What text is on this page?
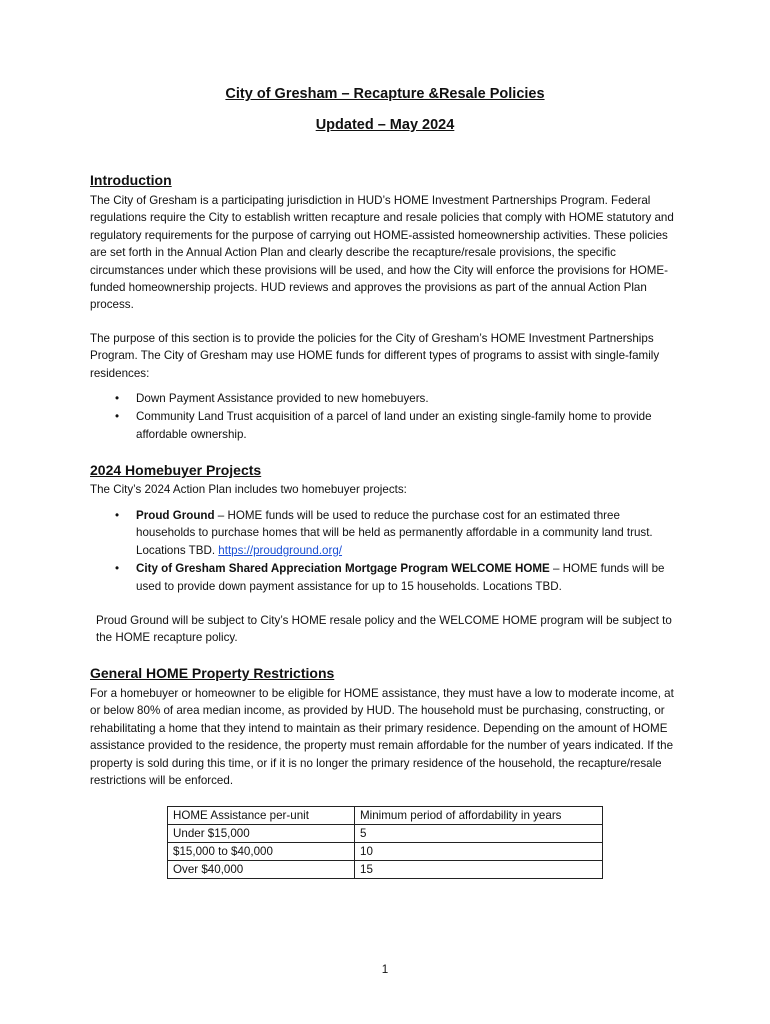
City of Gresham – Recapture &Resale Policies
Updated – May 2024
Introduction

The City of Gresham is a participating jurisdiction in HUD’s HOME Investment Partnerships Program. Federal regulations require the City to establish written recapture and resale policies that comply with HOME statutory and regulatory requirements for the purpose of carrying out HOME-assisted homeownership activities. These policies are set forth in the Annual Action Plan and clearly describe the recapture/resale provisions, the specific circumstances under which these provisions will be used, and how the City will enforce the provisions for HOME-funded homeownership projects. HUD reviews and approves the provisions as part of the annual Action Plan process.

The purpose of this section is to provide the policies for the City of Gresham’s HOME Investment Partnerships Program. The City of Gresham may use HOME funds for different types of programs to assist with single-family residences:

• Down Payment Assistance provided to new homebuyers.
• Community Land Trust acquisition of a parcel of land under an existing single-family home to provide affordable ownership.
2024 Homebuyer Projects

The City’s 2024 Action Plan includes two homebuyer projects:

• Proud Ground – HOME funds will be used to reduce the purchase cost for an estimated three households to purchase homes that will be held as permanently affordable in a community land trust. Locations TBD. https://proudground.org/
• City of Gresham Shared Appreciation Mortgage Program WELCOME HOME – HOME funds will be used to provide down payment assistance for up to 15 households. Locations TBD.

Proud Ground will be subject to City’s HOME resale policy and the WELCOME HOME program will be subject to the HOME recapture policy.

General HOME Property Restrictions

For a homebuyer or homeowner to be eligible for HOME assistance, they must have a low to moderate income, at or below 80% of area median income, as provided by HUD. The household must be purchasing, constructing, or rehabilitating a home that they intend to maintain as their primary residence. Depending on the amount of HOME assistance provided to the residence, the property must remain affordable for the number of years indicated. If the property is sold during this time, or if it is no longer the primary residence of the household, the recapture/resale restrictions will be enforced.

HOME Assistance per-unit	Minimum period of affordability in years
Under $15,000	5
$15,000 to $40,000	10
Over $40,000	15
1
